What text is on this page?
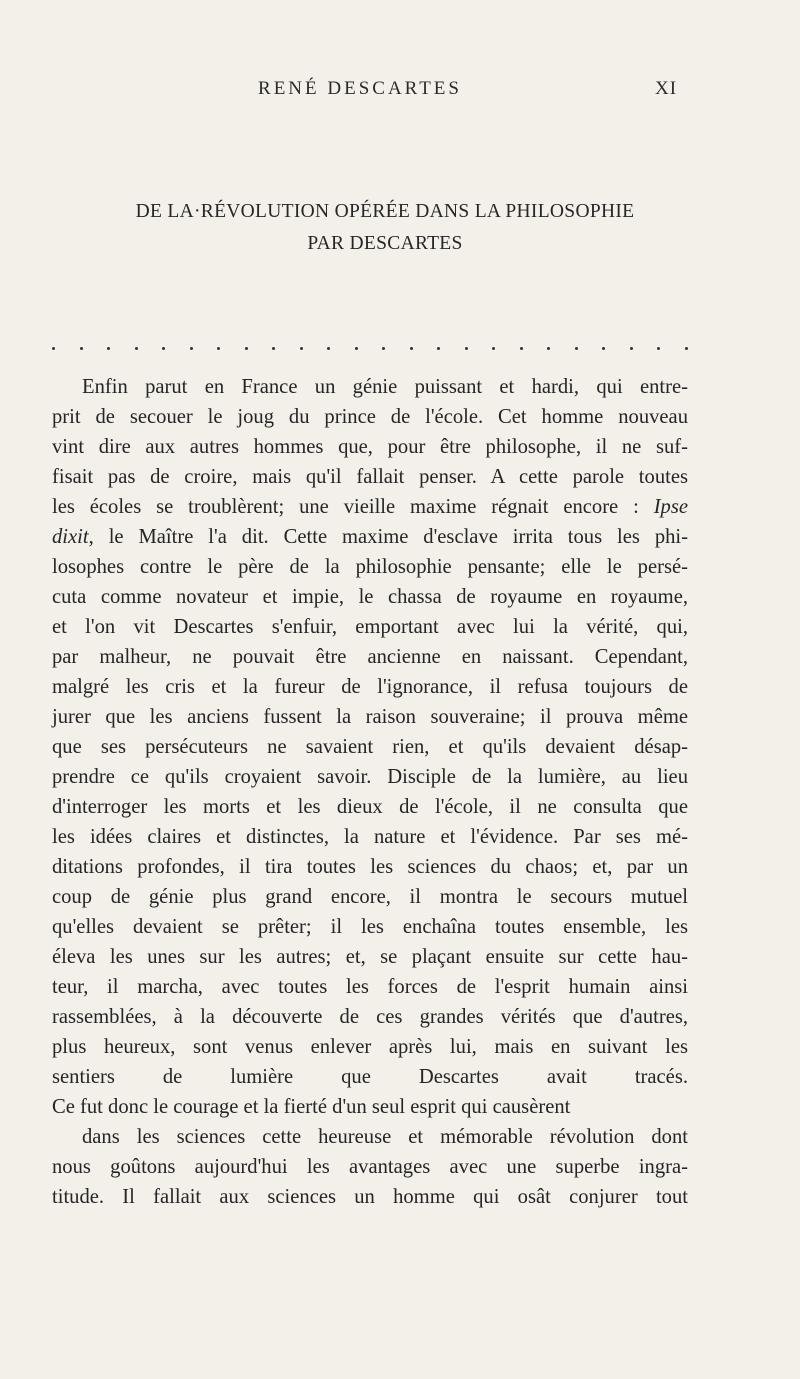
RENÉ DESCARTES	XI
DE LA·RÉVOLUTION OPÉRÉE DANS LA PHILOSOPHIE
PAR DESCARTES
Enfin parut en France un génie puissant et hardi, qui entre-
prit de secouer le joug du prince de l'école. Cet homme nouveau
vint dire aux autres hommes que, pour être philosophe, il ne suf-
fisait pas de croire, mais qu'il fallait penser. A cette parole toutes
les écoles se troublèrent; une vieille maxime régnait encore : Ipse
dixit, le Maître l'a dit. Cette maxime d'esclave irrita tous les phi-
losophes contre le père de la philosophie pensante; elle le persé-
cuta comme novateur et impie, le chassa de royaume en royaume,
et l'on vit Descartes s'enfuir, emportant avec lui la vérité, qui,
par malheur, ne pouvait être ancienne en naissant. Cependant,
malgré les cris et la fureur de l'ignorance, il refusa toujours de
jurer que les anciens fussent la raison souveraine; il prouva même
que ses persécuteurs ne savaient rien, et qu'ils devaient désap-
prendre ce qu'ils croyaient savoir. Disciple de la lumière, au lieu
d'interroger les morts et les dieux de l'école, il ne consulta que
les idées claires et distinctes, la nature et l'évidence. Par ses mé-
ditations profondes, il tira toutes les sciences du chaos; et, par un
coup de génie plus grand encore, il montra le secours mutuel
qu'elles devaient se prêter; il les enchaîna toutes ensemble, les
éleva les unes sur les autres; et, se plaçant ensuite sur cette hau-
teur, il marcha, avec toutes les forces de l'esprit humain ainsi
rassemblées, à la découverte de ces grandes vérités que d'autres,
plus heureux, sont venus enlever après lui, mais en suivant les
sentiers de lumière que Descartes avait tracés.
Ce fut donc le courage et la fierté d'un seul esprit qui causèrent
dans les sciences cette heureuse et mémorable révolution dont
nous goûtons aujourd'hui les avantages avec une superbe ingra-
titude. Il fallait aux sciences un homme qui osât conjurer tout
